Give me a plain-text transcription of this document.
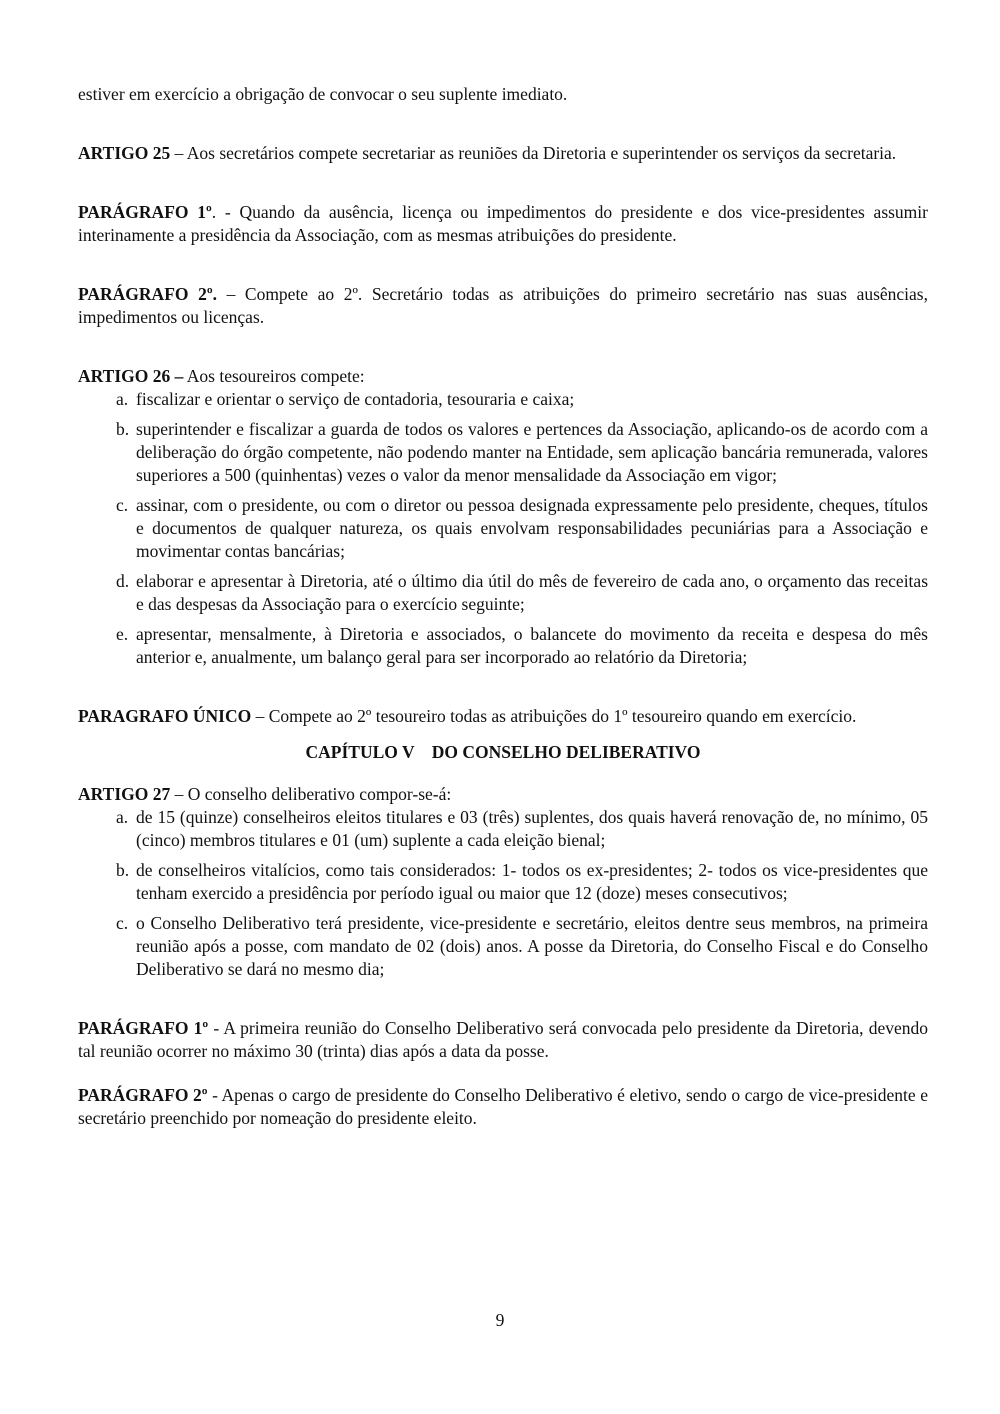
estiver em exercício a obrigação de convocar o seu suplente imediato.

ARTIGO 25 – Aos secretários compete secretariar as reuniões da Diretoria e superintender os serviços da secretaria.

PARÁGRAFO 1º. - Quando da ausência, licença ou impedimentos do presidente e dos vice-presidentes assumir interinamente a presidência da Associação, com as mesmas atribuições do presidente.

PARÁGRAFO 2º. – Compete ao 2º. Secretário todas as atribuições do primeiro secretário nas suas ausências, impedimentos ou licenças.

ARTIGO 26 – Aos tesoureiros compete:

a. fiscalizar e orientar o serviço de contadoria, tesouraria e caixa;
b. superintender e fiscalizar a guarda de todos os valores e pertences da Associação, aplicando-os de acordo com a deliberação do órgão competente, não podendo manter na Entidade, sem aplicação bancária remunerada, valores superiores a 500 (quinhentas) vezes o valor da menor mensalidade da Associação em vigor;
c. assinar, com o presidente, ou com o diretor ou pessoa designada expressamente pelo presidente, cheques, títulos e documentos de qualquer natureza, os quais envolvam responsabilidades pecuniárias para a Associação e movimentar contas bancárias;
d. elaborar e apresentar à Diretoria, até o último dia útil do mês de fevereiro de cada ano, o orçamento das receitas e das despesas da Associação para o exercício seguinte;
e. apresentar, mensalmente, à Diretoria e associados, o balancete do movimento da receita e despesa do mês anterior e, anualmente, um balanço geral para ser incorporado ao relatório da Diretoria;

PARAGRAFO ÚNICO – Compete ao 2º tesoureiro todas as atribuições do 1º tesoureiro quando em exercício.

CAPÍTULO V    DO CONSELHO DELIBERATIVO

ARTIGO 27 – O conselho deliberativo compor-se-á:

a. de 15 (quinze) conselheiros eleitos titulares e 03 (três) suplentes, dos quais haverá renovação de, no mínimo, 05 (cinco) membros titulares e 01 (um) suplente a cada eleição bienal;
b. de conselheiros vitalícios, como tais considerados: 1- todos os ex-presidentes; 2- todos os vice-presidentes que tenham exercido a presidência por período igual ou maior que 12 (doze) meses consecutivos;
c. o Conselho Deliberativo terá presidente, vice-presidente e secretário, eleitos dentre seus membros, na primeira reunião após a posse, com mandato de 02 (dois) anos. A posse da Diretoria, do Conselho Fiscal e do Conselho Deliberativo se dará no mesmo dia;

PARÁGRAFO 1º - A primeira reunião do Conselho Deliberativo será convocada pelo presidente da Diretoria, devendo tal reunião ocorrer no máximo 30 (trinta) dias após a data da posse.

PARÁGRAFO 2º - Apenas o cargo de presidente do Conselho Deliberativo é eletivo, sendo o cargo de vice-presidente e secretário preenchido por nomeação do presidente eleito.

9
